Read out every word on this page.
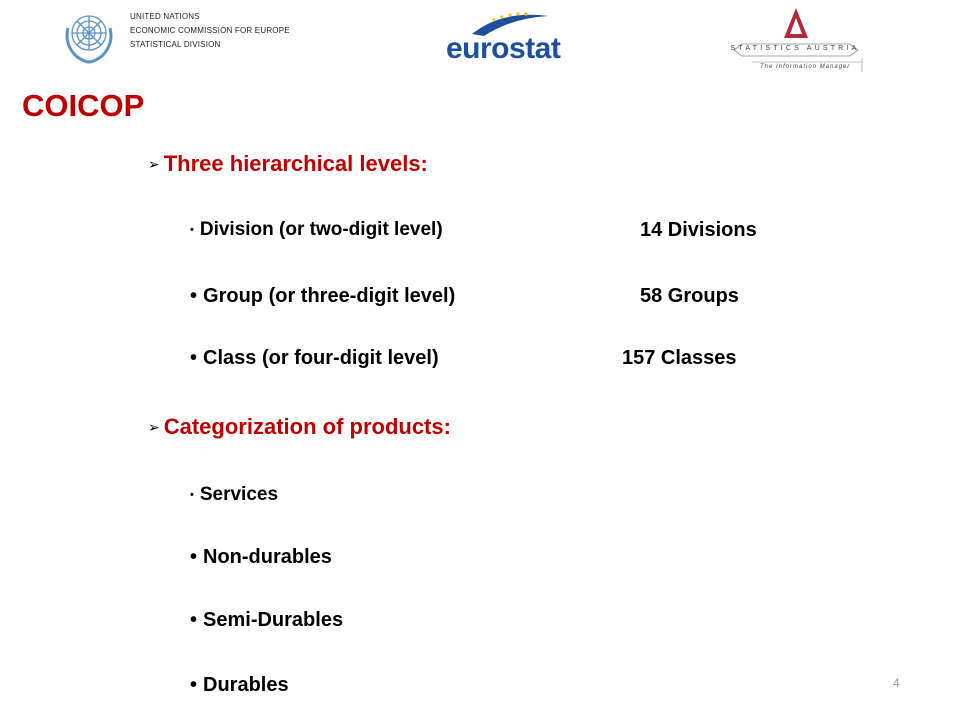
UNITED NATIONS
ECONOMIC COMMISSION FOR EUROPE
STATISTICAL DIVISION	eurostat	STATISTICS AUSTRIA
The Information Manager
COICOP
➢ Three hierarchical levels:
• Division (or two-digit level)	14 Divisions
• Group (or three-digit level)	58 Groups
• Class (or four-digit level)	157 Classes
➢ Categorization of products:
• Services
• Non-durables
• Semi-Durables
• Durables	4
